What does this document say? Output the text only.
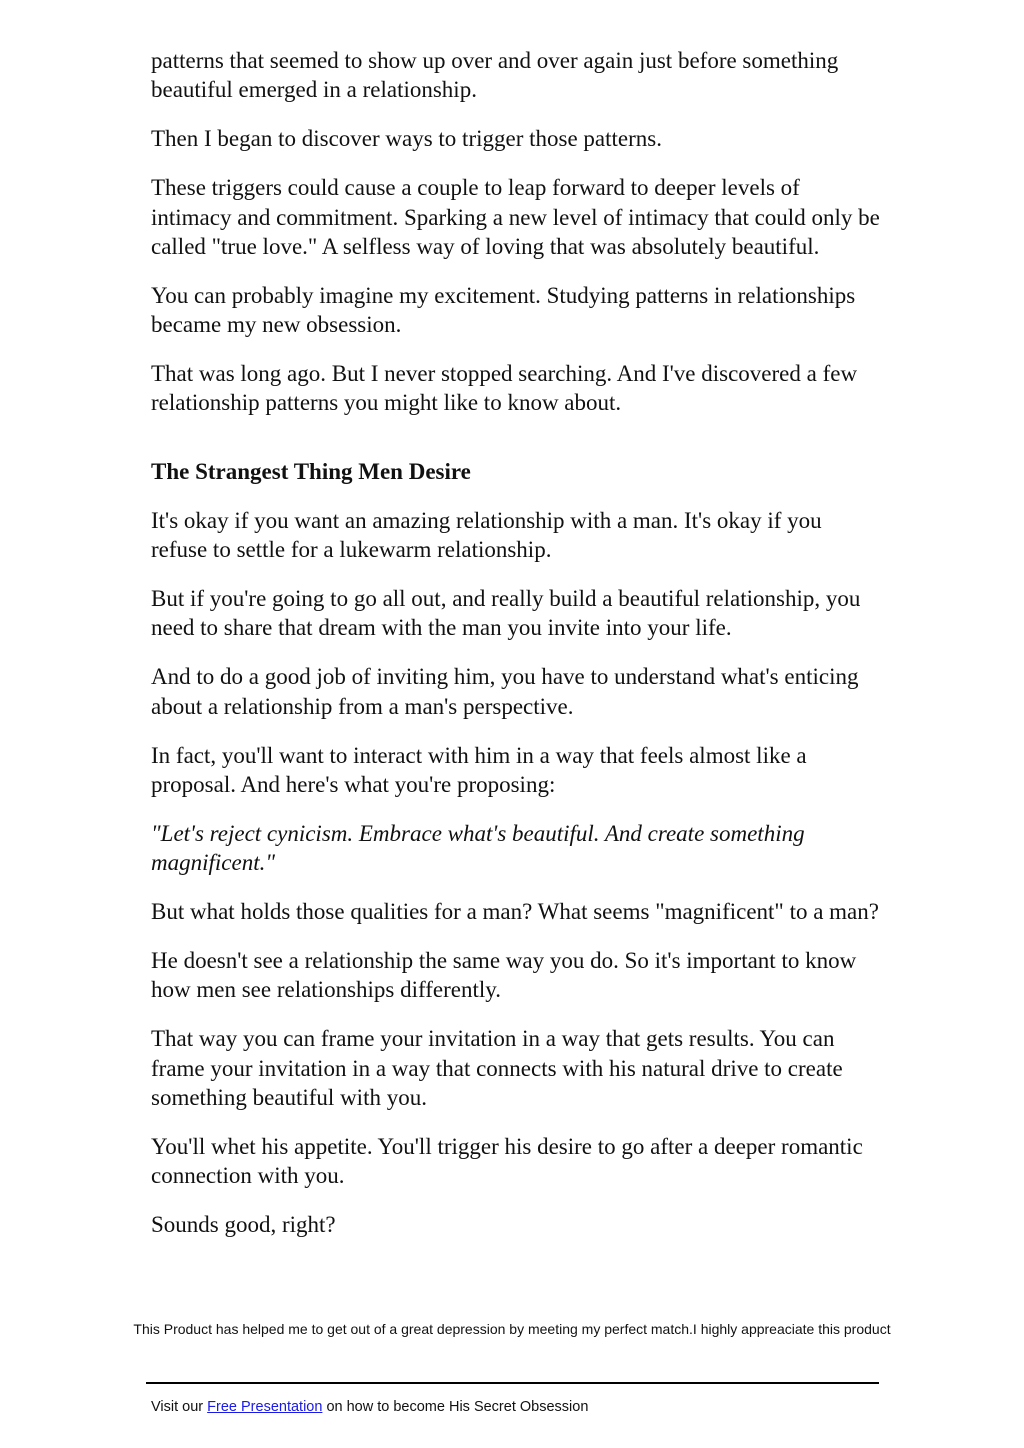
patterns that seemed to show up over and over again just before something beautiful emerged in a relationship.

Then I began to discover ways to trigger those patterns.

These triggers could cause a couple to leap forward to deeper levels of intimacy and commitment. Sparking a new level of intimacy that could only be called "true love." A selfless way of loving that was absolutely beautiful.

You can probably imagine my excitement. Studying patterns in relationships became my new obsession.

That was long ago. But I never stopped searching. And I've discovered a few relationship patterns you might like to know about.

The Strangest Thing Men Desire

It's okay if you want an amazing relationship with a man. It's okay if you refuse to settle for a lukewarm relationship.

But if you're going to go all out, and really build a beautiful relationship, you need to share that dream with the man you invite into your life.

And to do a good job of inviting him, you have to understand what's enticing about a relationship from a man's perspective.

In fact, you'll want to interact with him in a way that feels almost like a proposal. And here's what you're proposing:

"Let's reject cynicism. Embrace what's beautiful. And create something magnificent."

But what holds those qualities for a man? What seems "magnificent" to a man?

He doesn't see a relationship the same way you do. So it's important to know how men see relationships differently.

That way you can frame your invitation in a way that gets results. You can frame your invitation in a way that connects with his natural drive to create something beautiful with you.

You'll whet his appetite. You'll trigger his desire to go after a deeper romantic connection with you.

Sounds good, right?

This Product has helped me to get out of a great depression by meeting my perfect match.I highly appreaciate this product
Visit our Free Presentation on how to become His Secret Obsession
